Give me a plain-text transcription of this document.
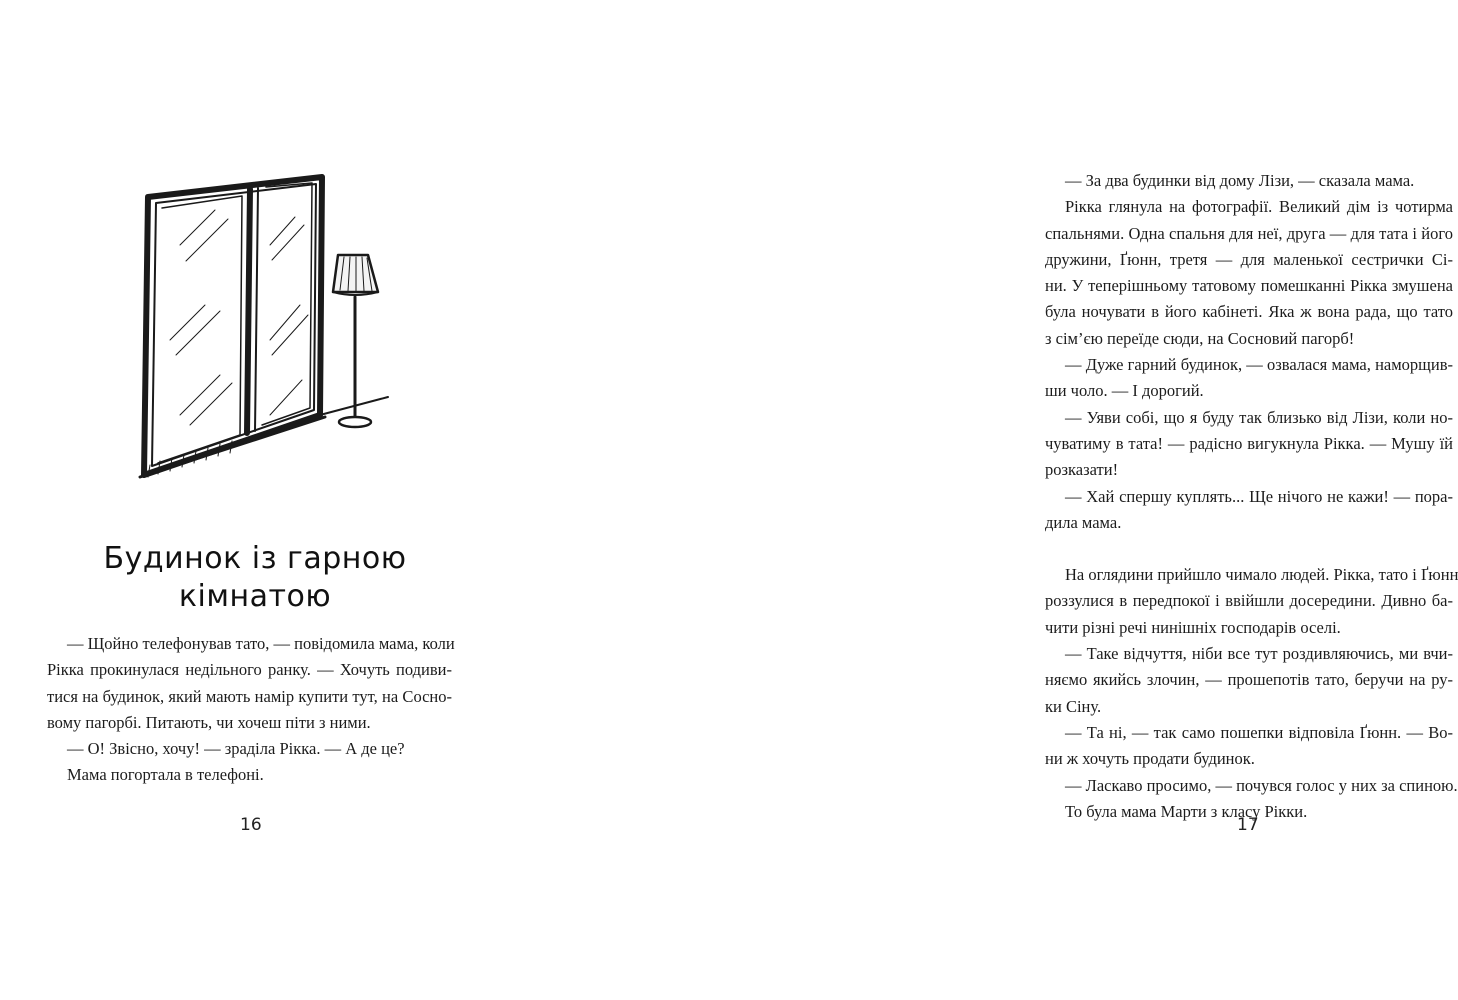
Будинок із гарною
кімнатою

— Щойно телефонував тато, — повідомила мама, коли
Рікка прокинулася недільного ранку. — Хочуть подиви-
тися на будинок, який мають намір купити тут, на Сосно-
вому пагорбі. Питають, чи хочеш піти з ними.

— О! Звісно, хочу! — зраділа Рікка. — А де це?

Мама погортала в телефоні.

16

— За два будинки від дому Лізи, — сказала мама.

Рікка глянула на фотографії. Великий дім із чотирма
спальнями. Одна спальня для неї, друга — для тата і його
дружини, Ґюнн, третя — для маленької сестрички Сі-
ни. У теперішньому татовому помешканні Рікка змушена
була ночувати в його кабінеті. Яка ж вона рада, що тато
з сім’єю переїде сюди, на Сосновий пагорб!

— Дуже гарний будинок, — озвалася мама, наморщив-
ши чоло. — І дорогий.

— Уяви собі, що я буду так близько від Лізи, коли но-
чуватиму в тата! — радісно вигукнула Рікка. — Мушу їй
розказати!

— Хай спершу куплять... Ще нічого не кажи! — пора-
дила мама.

На оглядини прийшло чимало людей. Рікка, тато і Ґюнн
роззулися в передпокої і ввійшли досередини. Дивно ба-
чити різні речі нинішніх господарів оселі.

— Таке відчуття, ніби все тут роздивляючись, ми вчи-
няємо якийсь злочин, — прошепотів тато, беручи на ру-
ки Сіну.

— Та ні, — так само пошепки відповіла Ґюнн. — Во-
ни ж хочуть продати будинок.

— Ласкаво просимо, — почувся голос у них за спиною.
То була мама Марти з класу Рікки.

17
